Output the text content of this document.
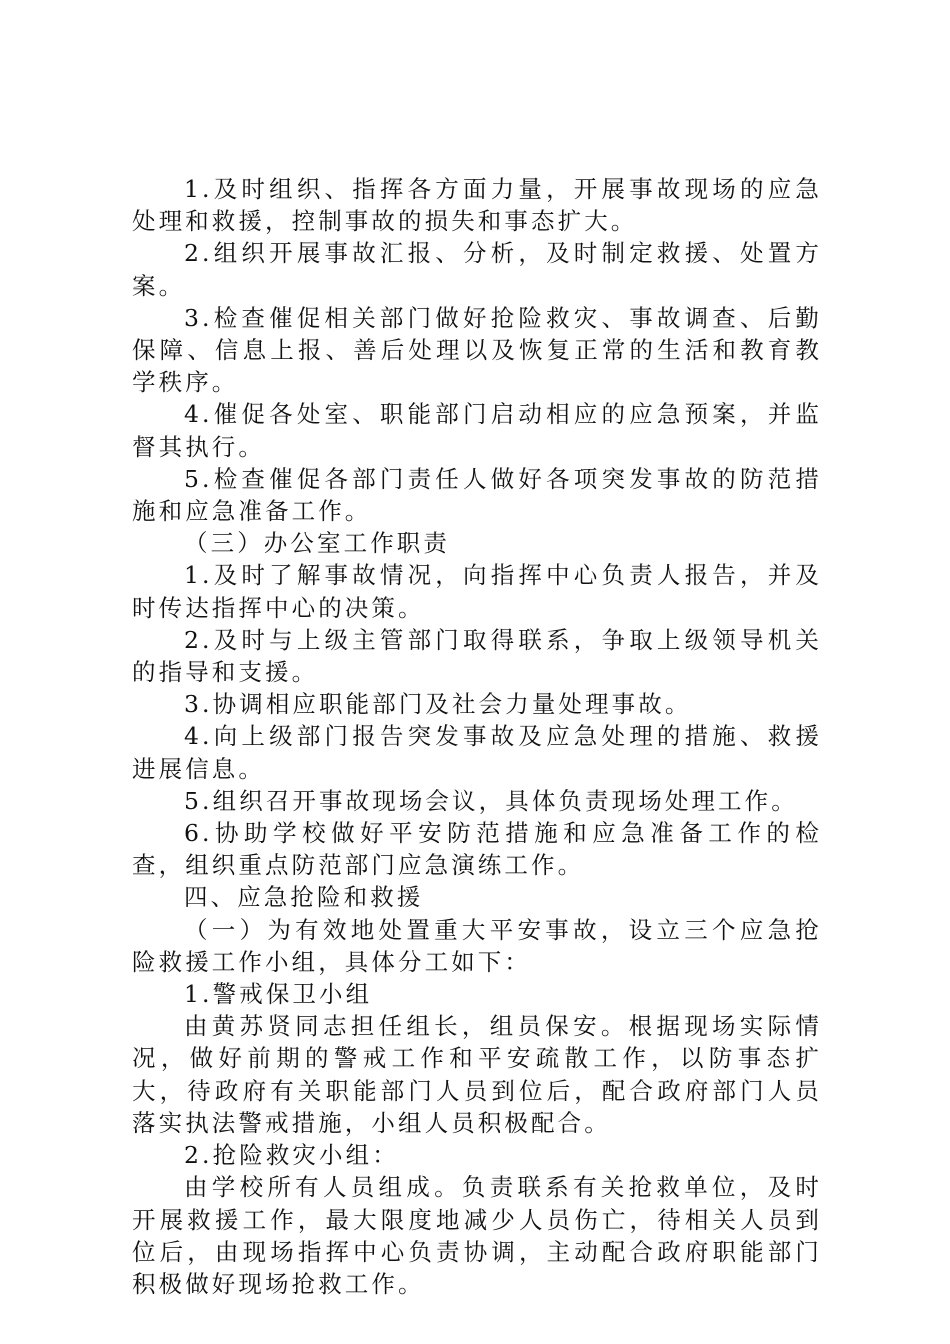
1.及时组织、指挥各方面力量，开展事故现场的应急处理和救援，控制事故的损失和事态扩大。

2.组织开展事故汇报、分析，及时制定救援、处置方案。

3.检查催促相关部门做好抢险救灾、事故调查、后勤保障、信息上报、善后处理以及恢复正常的生活和教育教学秩序。

4.催促各处室、职能部门启动相应的应急预案，并监督其执行。

5.检查催促各部门责任人做好各项突发事故的防范措施和应急准备工作。

（三）办公室工作职责

1.及时了解事故情况，向指挥中心负责人报告，并及时传达指挥中心的决策。

2.及时与上级主管部门取得联系，争取上级领导机关的指导和支援。

3.协调相应职能部门及社会力量处理事故。

4.向上级部门报告突发事故及应急处理的措施、救援进展信息。

5.组织召开事故现场会议，具体负责现场处理工作。

6.协助学校做好平安防范措施和应急准备工作的检查，组织重点防范部门应急演练工作。

四、应急抢险和救援

（一）为有效地处置重大平安事故，设立三个应急抢险救援工作小组，具体分工如下：

1.警戒保卫小组

由黄苏贤同志担任组长，组员保安。根据现场实际情况，做好前期的警戒工作和平安疏散工作，以防事态扩大，待政府有关职能部门人员到位后，配合政府部门人员落实执法警戒措施，小组人员积极配合。

2.抢险救灾小组：

由学校所有人员组成。负责联系有关抢救单位，及时开展救援工作，最大限度地减少人员伤亡，待相关人员到位后，由现场指挥中心负责协调，主动配合政府职能部门积极做好现场抢救工作。
